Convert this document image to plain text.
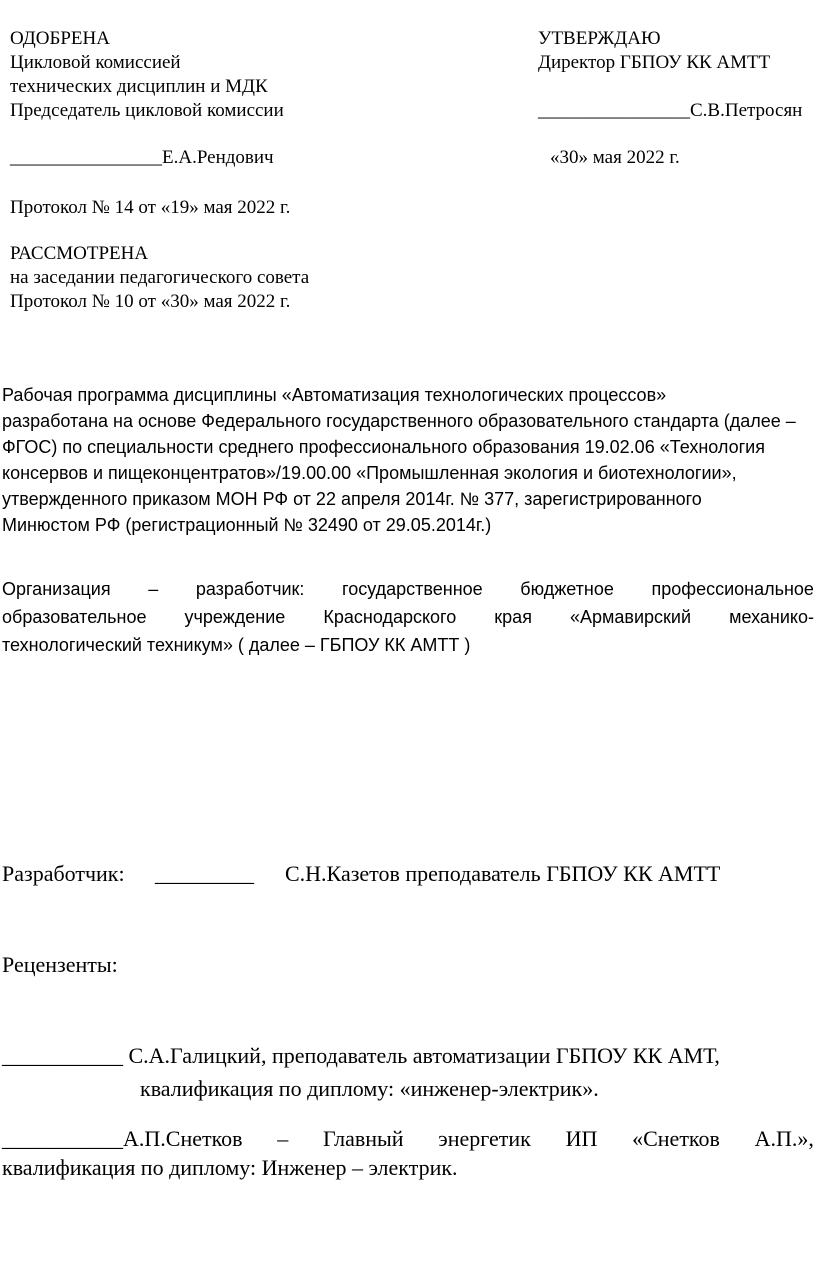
ОДОБРЕНА
Цикловой комиссией
технических дисциплин и МДК
Председатель цикловой комиссии
________________Е.А.Рендович
Протокол № 14 от «19» мая 2022 г.
УТВЕРЖДАЮ
Директор ГБПОУ КК АМТТ
________________С.В.Петросян
«30» мая 2022 г.
РАССМОТРЕНА
на заседании педагогического совета
Протокол № 10 от «30» мая 2022 г.
Рабочая программа дисциплины «Автоматизация технологических процессов»
разработана на основе Федерального государственного образовательного стандарта (далее –
ФГОС) по специальности среднего профессионального образования 19.02.06 «Технология
консервов и пищеконцентратов»/19.00.00 «Промышленная экология и биотехнологии»,
утвержденного приказом МОН РФ от 22 апреля 2014г. № 377, зарегистрированного
Минюстом РФ (регистрационный № 32490 от 29.05.2014г.)
Организация – разработчик: государственное бюджетное профессиональное
образовательное учреждение Краснодарского края «Армавирский механико-
технологический техникум» ( далее – ГБПОУ КК АМТТ )
Разработчик: _________ С.Н.Казетов преподаватель ГБПОУ КК АМТТ
Рецензенты:
___________ С.А.Галицкий, преподаватель автоматизации ГБПОУ КК АМТ,
квалификация по диплому: «инженер-электрик».
___________А.П.Снетков – Главный энергетик ИП «Снетков А.П.»,
квалификация по диплому: Инженер – электрик.
